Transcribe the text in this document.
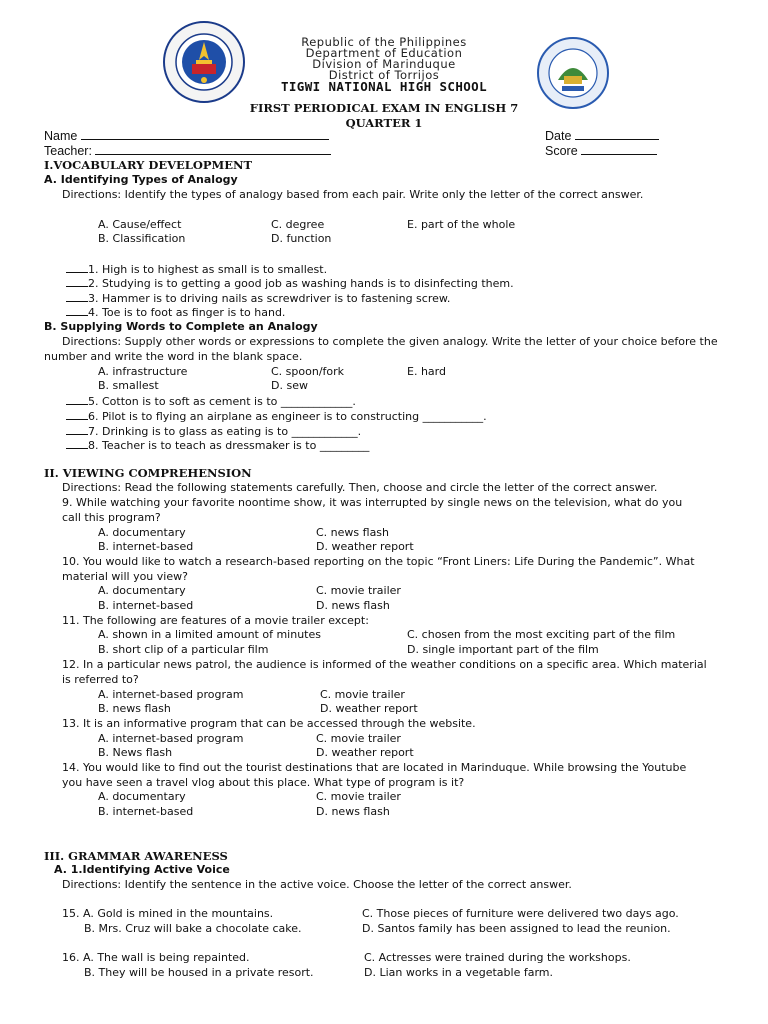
Republic of the Philippines
Department of Education
Division of Marinduque
District of Torrijos
TIGWI NATIONAL HIGH SCHOOL
FIRST PERIODICAL EXAM IN ENGLISH 7
QUARTER 1
Name
Teacher:
Date
Score
I.VOCABULARY DEVELOPMENT
A. Identifying Types of Analogy
Directions: Identify the types of analogy based from each pair. Write only the letter of the correct answer.
A. Cause/effect	C. degree	E. part of the whole
B. Classification	D. function
1. High is to highest as small is to smallest.
2. Studying is to getting a good job as washing hands is to disinfecting them.
3. Hammer is to driving nails as screwdriver is to fastening screw.
4. Toe is to foot as finger is to hand.
B. Supplying Words to Complete an Analogy
Directions: Supply other words or expressions to complete the given analogy. Write the letter of your choice before the
number and write the word in the blank space.
A. infrastructure	C. spoon/fork	E. hard
B. smallest	D. sew
5. Cotton is to soft as cement is to _____________.
6. Pilot is to flying an airplane as engineer is to constructing ___________.
7. Drinking is to glass as eating is to ____________.
8. Teacher is to teach as dressmaker is to _________
II. VIEWING COMPREHENSION
Directions: Read the following statements carefully. Then, choose and circle the letter of the correct answer.
9. While watching your favorite noontime show, it was interrupted by single news on the television, what do you
call this program?
A. documentary	C. news flash
B. internet-based	D. weather report
10. You would like to watch a research-based reporting on the topic “Front Liners: Life During the Pandemic”. What
material will you view?
A. documentary	C. movie trailer
B. internet-based	D. news flash
11. The following are features of a movie trailer except:
A. shown in a limited amount of minutes	C. chosen from the most exciting part of the film
B. short clip of a particular film	D. single important part of the film
12. In a particular news patrol, the audience is informed of the weather conditions on a specific area. Which material
is referred to?
A. internet-based program	C. movie trailer
B. news flash	D. weather report
13. It is an informative program that can be accessed through the website.
A. internet-based program	C. movie trailer
B. News flash	D. weather report
14. You would like to find out the tourist destinations that are located in Marinduque. While browsing the Youtube
you have seen a travel vlog about this place. What type of program is it?
A. documentary	C. movie trailer
B. internet-based	D. news flash
III. GRAMMAR AWARENESS
A. 1.Identifying Active Voice
Directions: Identify the sentence in the active voice. Choose the letter of the correct answer.
15. A. Gold is mined in the mountains.	C. Those pieces of furniture were delivered two days ago.
B. Mrs. Cruz will bake a chocolate cake.	D. Santos family has been assigned to lead the reunion.
16. A. The wall is being repainted.	C. Actresses were trained during the workshops.
B. They will be housed in a private resort.	D. Lian works in a vegetable farm.
